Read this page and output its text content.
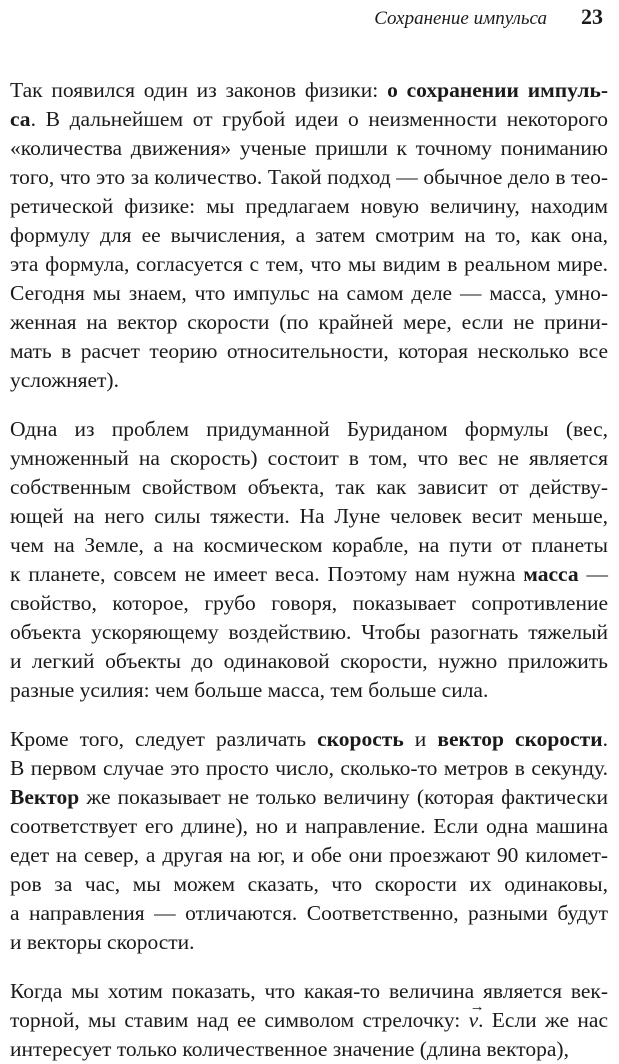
Сохранение импульса 23

Так появился один из законов физики: о сохранении импуль-
са. В дальнейшем от грубой идеи о неизменности некоторого
«количества движения» ученые пришли к точному пониманию
того, что это за количество. Такой подход — обычное дело в тео-
ретической физике: мы предлагаем новую величину, находим
формулу для ее вычисления, а затем смотрим на то, как она,
эта формула, согласуется с тем, что мы видим в реальном мире.
Сегодня мы знаем, что импульс на самом деле — масса, умно-
женная на вектор скорости (по крайней мере, если не прини-
мать в расчет теорию относительности, которая несколько все
усложняет).

Одна из проблем придуманной Буриданом формулы (вес,
умноженный на скорость) состоит в том, что вес не является
собственным свойством объекта, так как зависит от действу-
ющей на него силы тяжести. На Луне человек весит меньше,
чем на Земле, а на космическом корабле, на пути от планеты
к планете, совсем не имеет веса. Поэтому нам нужна масса —
свойство, которое, грубо говоря, показывает сопротивление
объекта ускоряющему воздействию. Чтобы разогнать тяжелый
и легкий объекты до одинаковой скорости, нужно приложить
разные усилия: чем больше масса, тем больше сила.

Кроме того, следует различать скорость и вектор скорости.
В первом случае это просто число, сколько-то метров в секунду.
Вектор же показывает не только величину (которая фактически
соответствует его длине), но и направление. Если одна машина
едет на север, а другая на юг, и обе они проезжают 90 километ-
ров за час, мы можем сказать, что скорости их одинаковы,
а направления — отличаются. Соответственно, разными будут
и векторы скорости.

Когда мы хотим показать, что какая-то величина является век-
торной, мы ставим над ее символом стрелочку: → v. Если же нас
интересует только количественное значение (длина вектора),
